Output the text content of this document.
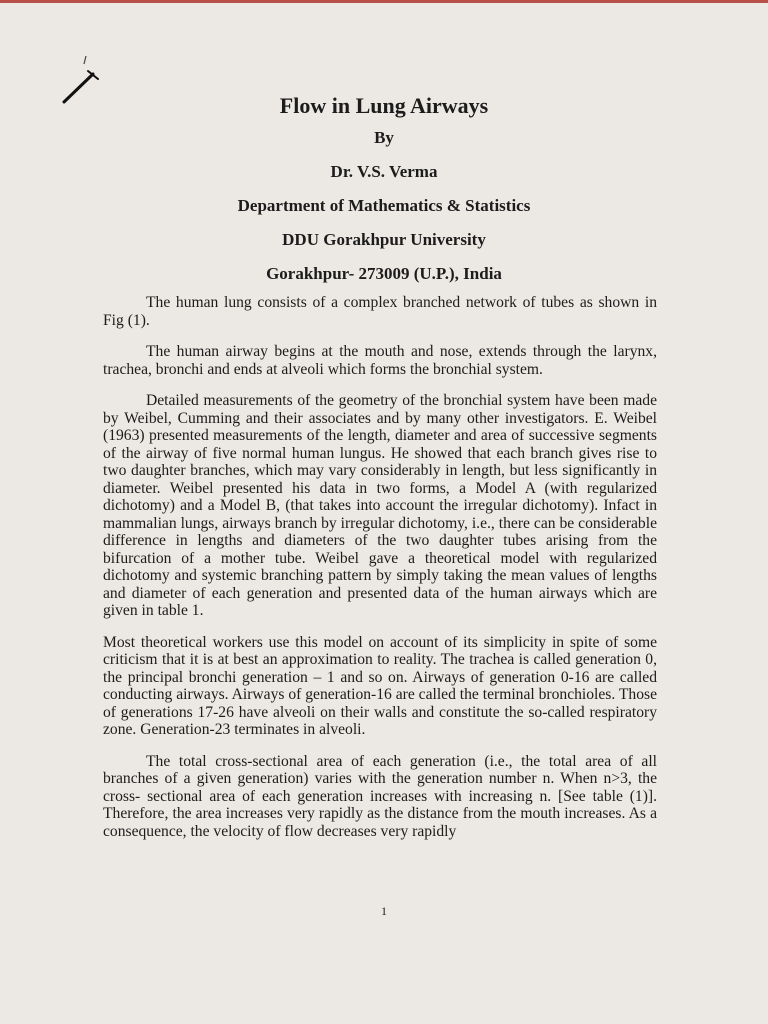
Flow in Lung Airways
By
Dr. V.S. Verma
Department of Mathematics & Statistics
DDU Gorakhpur University
Gorakhpur- 273009 (U.P.), India

The human lung consists of a complex branched network of tubes as shown in Fig (1).

The human airway begins at the mouth and nose, extends through the larynx, trachea, bronchi and ends at alveoli which forms the bronchial system.

Detailed measurements of the geometry of the bronchial system have been made by Weibel, Cumming and their associates and by many other investigators. E. Weibel (1963) presented measurements of the length, diameter and area of successive segments of the airway of five normal human lungus. He showed that each branch gives rise to two daughter branches, which may vary considerably in length, but less significantly in diameter. Weibel presented his data in two forms, a Model A (with regularized dichotomy) and a Model B, (that takes into account the irregular dichotomy). Infact in mammalian lungs, airways branch by irregular dichotomy, i.e., there can be considerable difference in lengths and diameters of the two daughter tubes arising from the bifurcation of a mother tube. Weibel gave a theoretical model with regularized dichotomy and systemic branching pattern by simply taking the mean values of lengths and diameter of each generation and presented data of the human airways which are given in table 1.

Most theoretical workers use this model on account of its simplicity in spite of some criticism that it is at best an approximation to reality. The trachea is called generation 0, the principal bronchi generation – 1 and so on. Airways of generation 0-16 are called conducting airways. Airways of generation-16 are called the terminal bronchioles. Those of generations 17-26 have alveoli on their walls and constitute the so-called respiratory zone. Generation-23 terminates in alveoli.

The total cross-sectional area of each generation (i.e., the total area of all branches of a given generation) varies with the generation number n. When n>3, the cross- sectional area of each generation increases with increasing n. [See table (1)]. Therefore, the area increases very rapidly as the distance from the mouth increases. As a consequence, the velocity of flow decreases very rapidly

1
